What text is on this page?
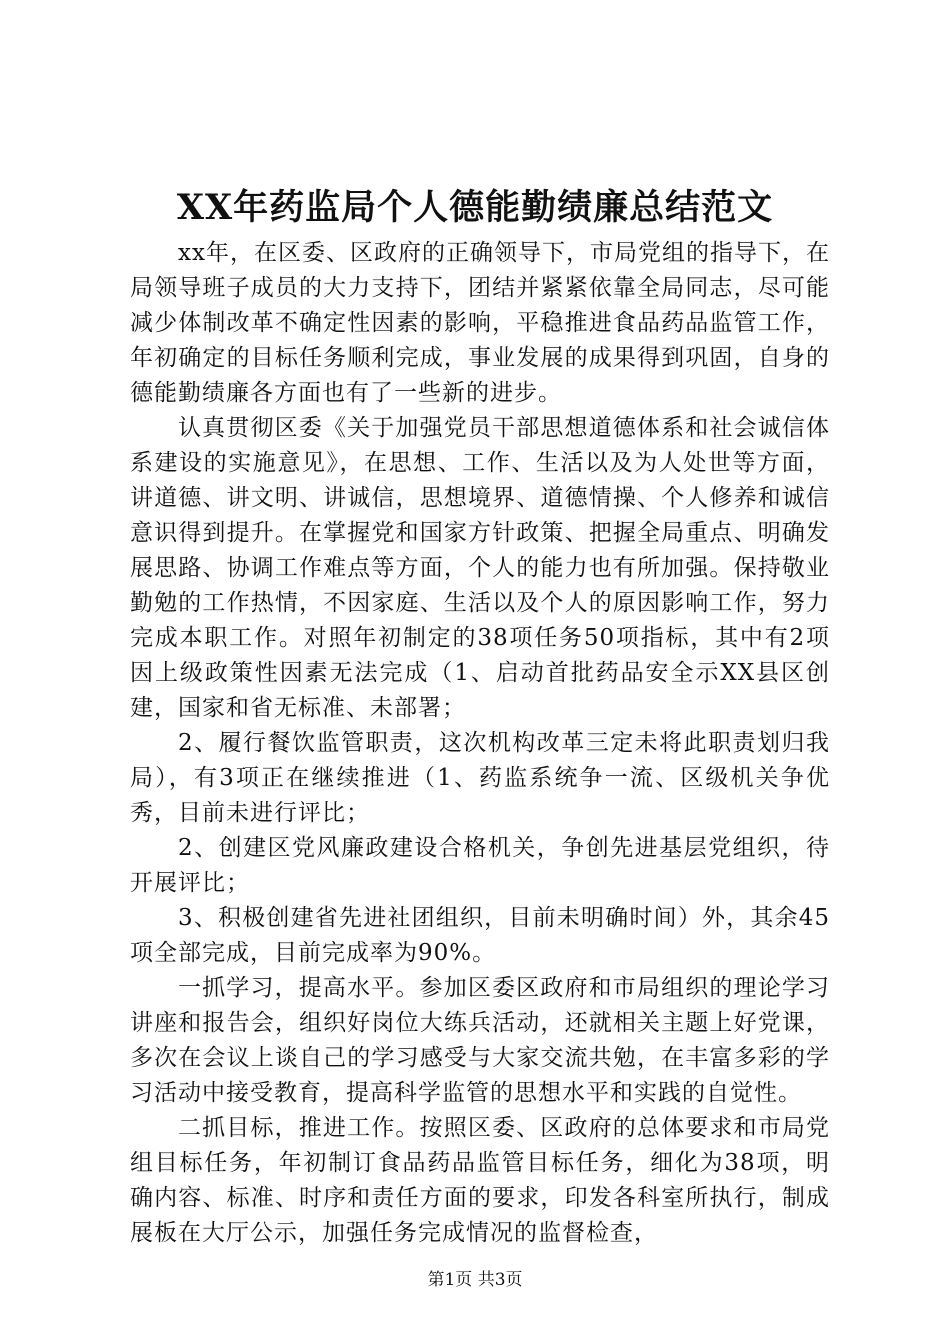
XX年药监局个人德能勤绩廉总结范文

xx年，在区委、区政府的正确领导下，市局党组的指导下，在局领导班子成员的大力支持下，团结并紧紧依靠全局同志，尽可能减少体制改革不确定性因素的影响，平稳推进食品药品监管工作，年初确定的目标任务顺利完成，事业发展的成果得到巩固，自身的德能勤绩廉各方面也有了一些新的进步。

认真贯彻区委《关于加强党员干部思想道德体系和社会诚信体系建设的实施意见》，在思想、工作、生活以及为人处世等方面，讲道德、讲文明、讲诚信，思想境界、道德情操、个人修养和诚信意识得到提升。在掌握党和国家方针政策、把握全局重点、明确发展思路、协调工作难点等方面，个人的能力也有所加强。保持敬业勤勉的工作热情，不因家庭、生活以及个人的原因影响工作，努力完成本职工作。对照年初制定的38项任务50项指标，其中有2项因上级政策性因素无法完成（1、启动首批药品安全示XX县区创建，国家和省无标准、未部署；

2、履行餐饮监管职责，这次机构改革三定未将此职责划归我局），有3项正在继续推进（1、药监系统争一流、区级机关争优秀，目前未进行评比；

2、创建区党风廉政建设合格机关，争创先进基层党组织，待开展评比；

3、积极创建省先进社团组织，目前未明确时间）外，其余45项全部完成，目前完成率为90%。

一抓学习，提高水平。参加区委区政府和市局组织的理论学习讲座和报告会，组织好岗位大练兵活动，还就相关主题上好党课，多次在会议上谈自己的学习感受与大家交流共勉，在丰富多彩的学习活动中接受教育，提高科学监管的思想水平和实践的自觉性。

二抓目标，推进工作。按照区委、区政府的总体要求和市局党组目标任务，年初制订食品药品监管目标任务，细化为38项，明确内容、标准、时序和责任方面的要求，印发各科室所执行，制成展板在大厅公示，加强任务完成情况的监督检查，

第1页 共3页
